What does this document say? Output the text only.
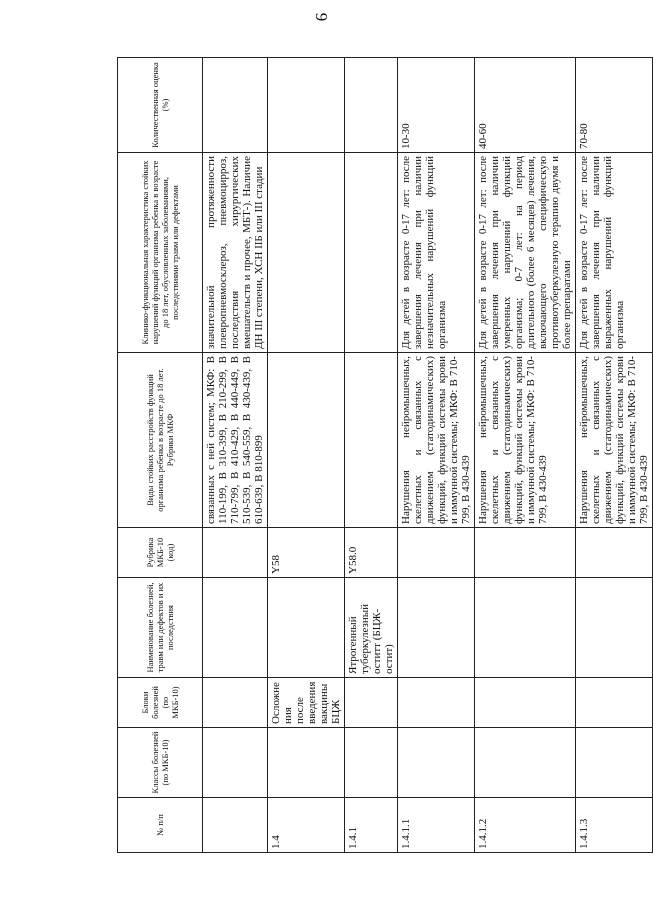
9
№ п/п	Классы болезней (по МКБ-10)	Блоки болезней (по МКБ-10)	Наименование болезней, травм или дефектов и их последствия	Рубрика МКБ-10 (код)	Виды стойких расстройств функций организма ребенка в возрасте до 18 лет. Рубрики МКФ	Клинико-функциональная характеристика стойких нарушений функций организма ребенка в возрасте до 18 лет, обусловленных заболеваниями, последствиями травм или дефектами	Количественная оценка (%)
					связанных с ней систем; МКФ: В 110-199, В 310-399, В 210-299, В 710-799, В 410-429, В 440-449, В 510-539, В 540-559, В 430-439, В 610-639, В 810-899	значительной протяженности плевропневмосклероз, пневмоцирроз, последствия хирургических вмешательств и прочее, МБТ-). Наличие ДН III степени, ХСН IIБ или III стадии	
1.4		Осложнения после введения вакцины БЦЖ		Y58			
1.4.1			Ятрогенный туберкулезный оститт (БЦЖ-остит)	Y58.0			
1.4.1.1					Нарушения нейромышечных, скелетных и связанных с движением (статодинамических) функций, функций системы крови и иммунной системы; МКФ: В 710-799, В 430-439	Для детей в возрасте 0-17 лет: после завершения лечения при наличии незначительных нарушений функций организма	10-30
1.4.1.2					Нарушения нейромышечных, скелетных и связанных с движением (статодинамических) функций, функций системы крови и иммунной системы; МКФ: В 710-799, В 430-439	Для детей в возрасте 0-17 лет: после завершения лечения при наличии умеренных нарушений функций организма; 0-7 лет: на период длительного (более 6 месяцев) лечения, включающего специфическую противотуберкулезную терапию двумя и более препаратами	40-60
1.4.1.3					Нарушения нейромышечных, скелетных и связанных с движением (статодинамических) функций, функций системы крови и иммунной системы; МКФ: В 710-799, В 430-439	Для детей в возрасте 0-17 лет: после завершения лечения при наличии выраженных нарушений функций организма	70-80
